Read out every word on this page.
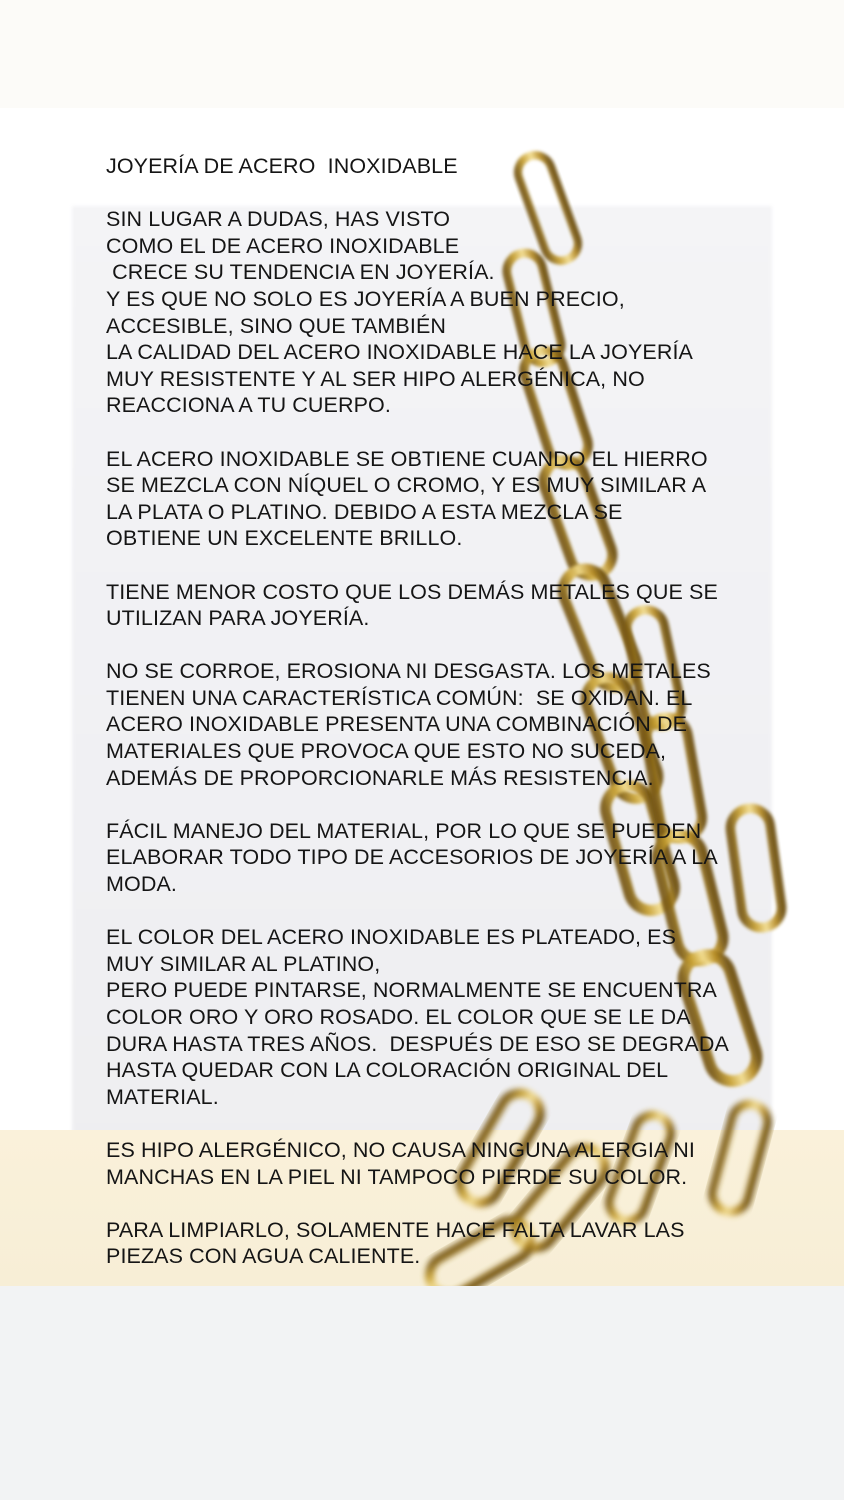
JOYERÍA DE ACERO  INOXIDABLE
SIN LUGAR A DUDAS, HAS VISTO
COMO EL DE ACERO INOXIDABLE
CRECE SU TENDENCIA EN JOYERÍA.
Y ES QUE NO SOLO ES JOYERÍA A BUEN PRECIO,
ACCESIBLE, SINO QUE TAMBIÉN
LA CALIDAD DEL ACERO INOXIDABLE HACE LA JOYERÍA
MUY RESISTENTE Y AL SER HIPO ALERGÉNICA, NO
REACCIONA A TU CUERPO.
EL ACERO INOXIDABLE SE OBTIENE CUANDO EL HIERRO
SE MEZCLA CON NÍQUEL O CROMO, Y ES MUY SIMILAR A
LA PLATA O PLATINO. DEBIDO A ESTA MEZCLA SE
OBTIENE UN EXCELENTE BRILLO.
TIENE MENOR COSTO QUE LOS DEMÁS METALES QUE SE
UTILIZAN PARA JOYERÍA.
NO SE CORROE, EROSIONA NI DESGASTA. LOS METALES
TIENEN UNA CARACTERÍSTICA COMÚN:  SE OXIDAN. EL
ACERO INOXIDABLE PRESENTA UNA COMBINACIÓN DE
MATERIALES QUE PROVOCA QUE ESTO NO SUCEDA,
ADEMÁS DE PROPORCIONARLE MÁS RESISTENCIA.
FÁCIL MANEJO DEL MATERIAL, POR LO QUE SE PUEDEN
ELABORAR TODO TIPO DE ACCESORIOS DE JOYERÍA A LA
MODA.
EL COLOR DEL ACERO INOXIDABLE ES PLATEADO, ES
MUY SIMILAR AL PLATINO,
PERO PUEDE PINTARSE, NORMALMENTE SE ENCUENTRA
COLOR ORO Y ORO ROSADO. EL COLOR QUE SE LE DA
DURA HASTA TRES AÑOS.  DESPUÉS DE ESO SE DEGRADA
HASTA QUEDAR CON LA COLORACIÓN ORIGINAL DEL
MATERIAL.
ES HIPO ALERGÉNICO, NO CAUSA NINGUNA ALERGIA NI
MANCHAS EN LA PIEL NI TAMPOCO PIERDE SU COLOR.
PARA LIMPIARLO, SOLAMENTE HACE FALTA LAVAR LAS
PIEZAS CON AGUA CALIENTE.
